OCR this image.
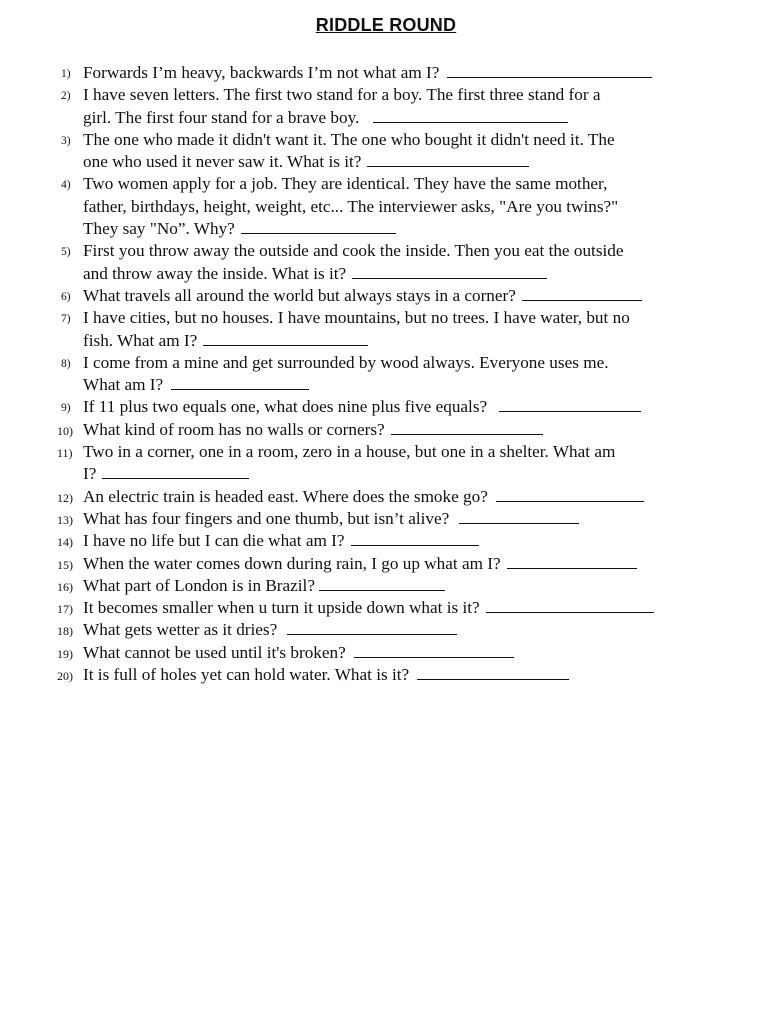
RIDDLE ROUND
1) Forwards I’m heavy, backwards I’m not what am I?
2) I have seven letters. The first two stand for a boy. The first three stand for a
girl. The first four stand for a brave boy.
3) The one who made it didn't want it. The one who bought it didn't need it. The
one who used it never saw it. What is it?
4) Two women apply for a job. They are identical. They have the same mother,
father, birthdays, height, weight, etc... The interviewer asks, "Are you twins?"
They say "No”. Why?
5) First you throw away the outside and cook the inside. Then you eat the outside
and throw away the inside. What is it?
6) What travels all around the world but always stays in a corner?
7) I have cities, but no houses. I have mountains, but no trees. I have water, but no
fish. What am I?
8) I come from a mine and get surrounded by wood always. Everyone uses me.
What am I?
9) If 11 plus two equals one, what does nine plus five equals?
10) What kind of room has no walls or corners?
11) Two in a corner, one in a room, zero in a house, but one in a shelter. What am
I?
12) An electric train is headed east. Where does the smoke go?
13) What has four fingers and one thumb, but isn’t alive?
14) I have no life but I can die what am I?
15) When the water comes down during rain, I go up what am I?
16) What part of London is in Brazil?
17) It becomes smaller when u turn it upside down what is it?
18) What gets wetter as it dries?
19) What cannot be used until it's broken?
20) It is full of holes yet can hold water. What is it?
